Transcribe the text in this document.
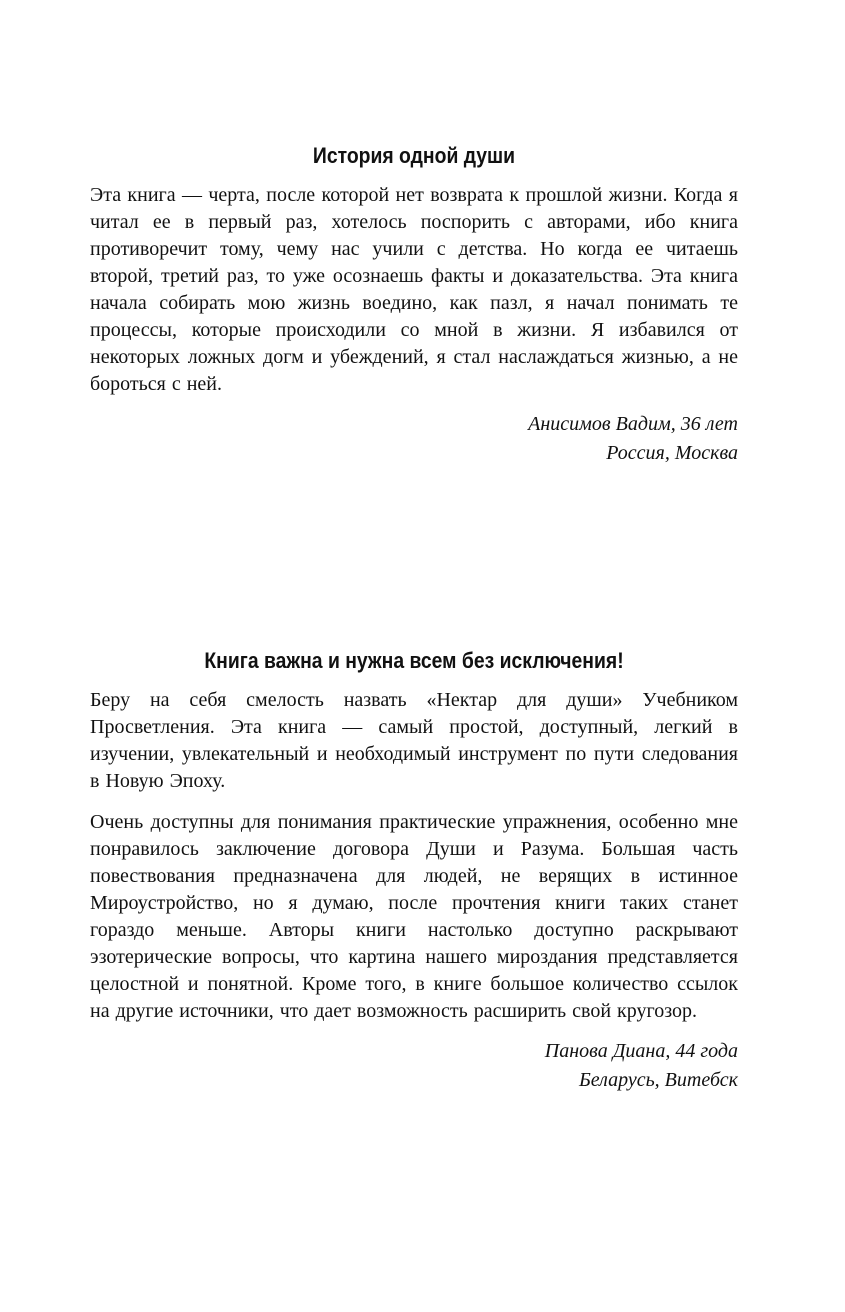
История одной души

Эта книга — черта, после которой нет возврата к прошлой жизни. Когда я читал ее в первый раз, хотелось поспорить с авторами, ибо книга противоречит тому, чему нас учили с детства. Но когда ее читаешь второй, третий раз, то уже осознаешь факты и доказательства. Эта книга начала собирать мою жизнь воедино, как пазл, я начал понимать те процессы, которые происходили со мной в жизни. Я избавился от некоторых ложных догм и убеждений, я стал наслаждаться жизнью, а не бороться с ней.

Анисимов Вадим, 36 лет
Россия, Москва
Книга важна и нужна всем без исключения!

Беру на себя смелость назвать «Нектар для души» Учебником Просветления. Эта книга — самый простой, доступный, легкий в изучении, увлекательный и необходимый инструмент по пути следования в Новую Эпоху.

Очень доступны для понимания практические упражнения, особенно мне понравилось заключение договора Души и Разума. Большая часть повествования предназначена для людей, не верящих в истинное Мироустройство, но я думаю, после прочтения книги таких станет гораздо меньше. Авторы книги настолько доступно раскрывают эзотерические вопросы, что картина нашего мироздания представляется целостной и понятной. Кроме того, в книге большое количество ссылок на другие источники, что дает возможность расширить свой кругозор.

Панова Диана, 44 года
Беларусь, Витебск
